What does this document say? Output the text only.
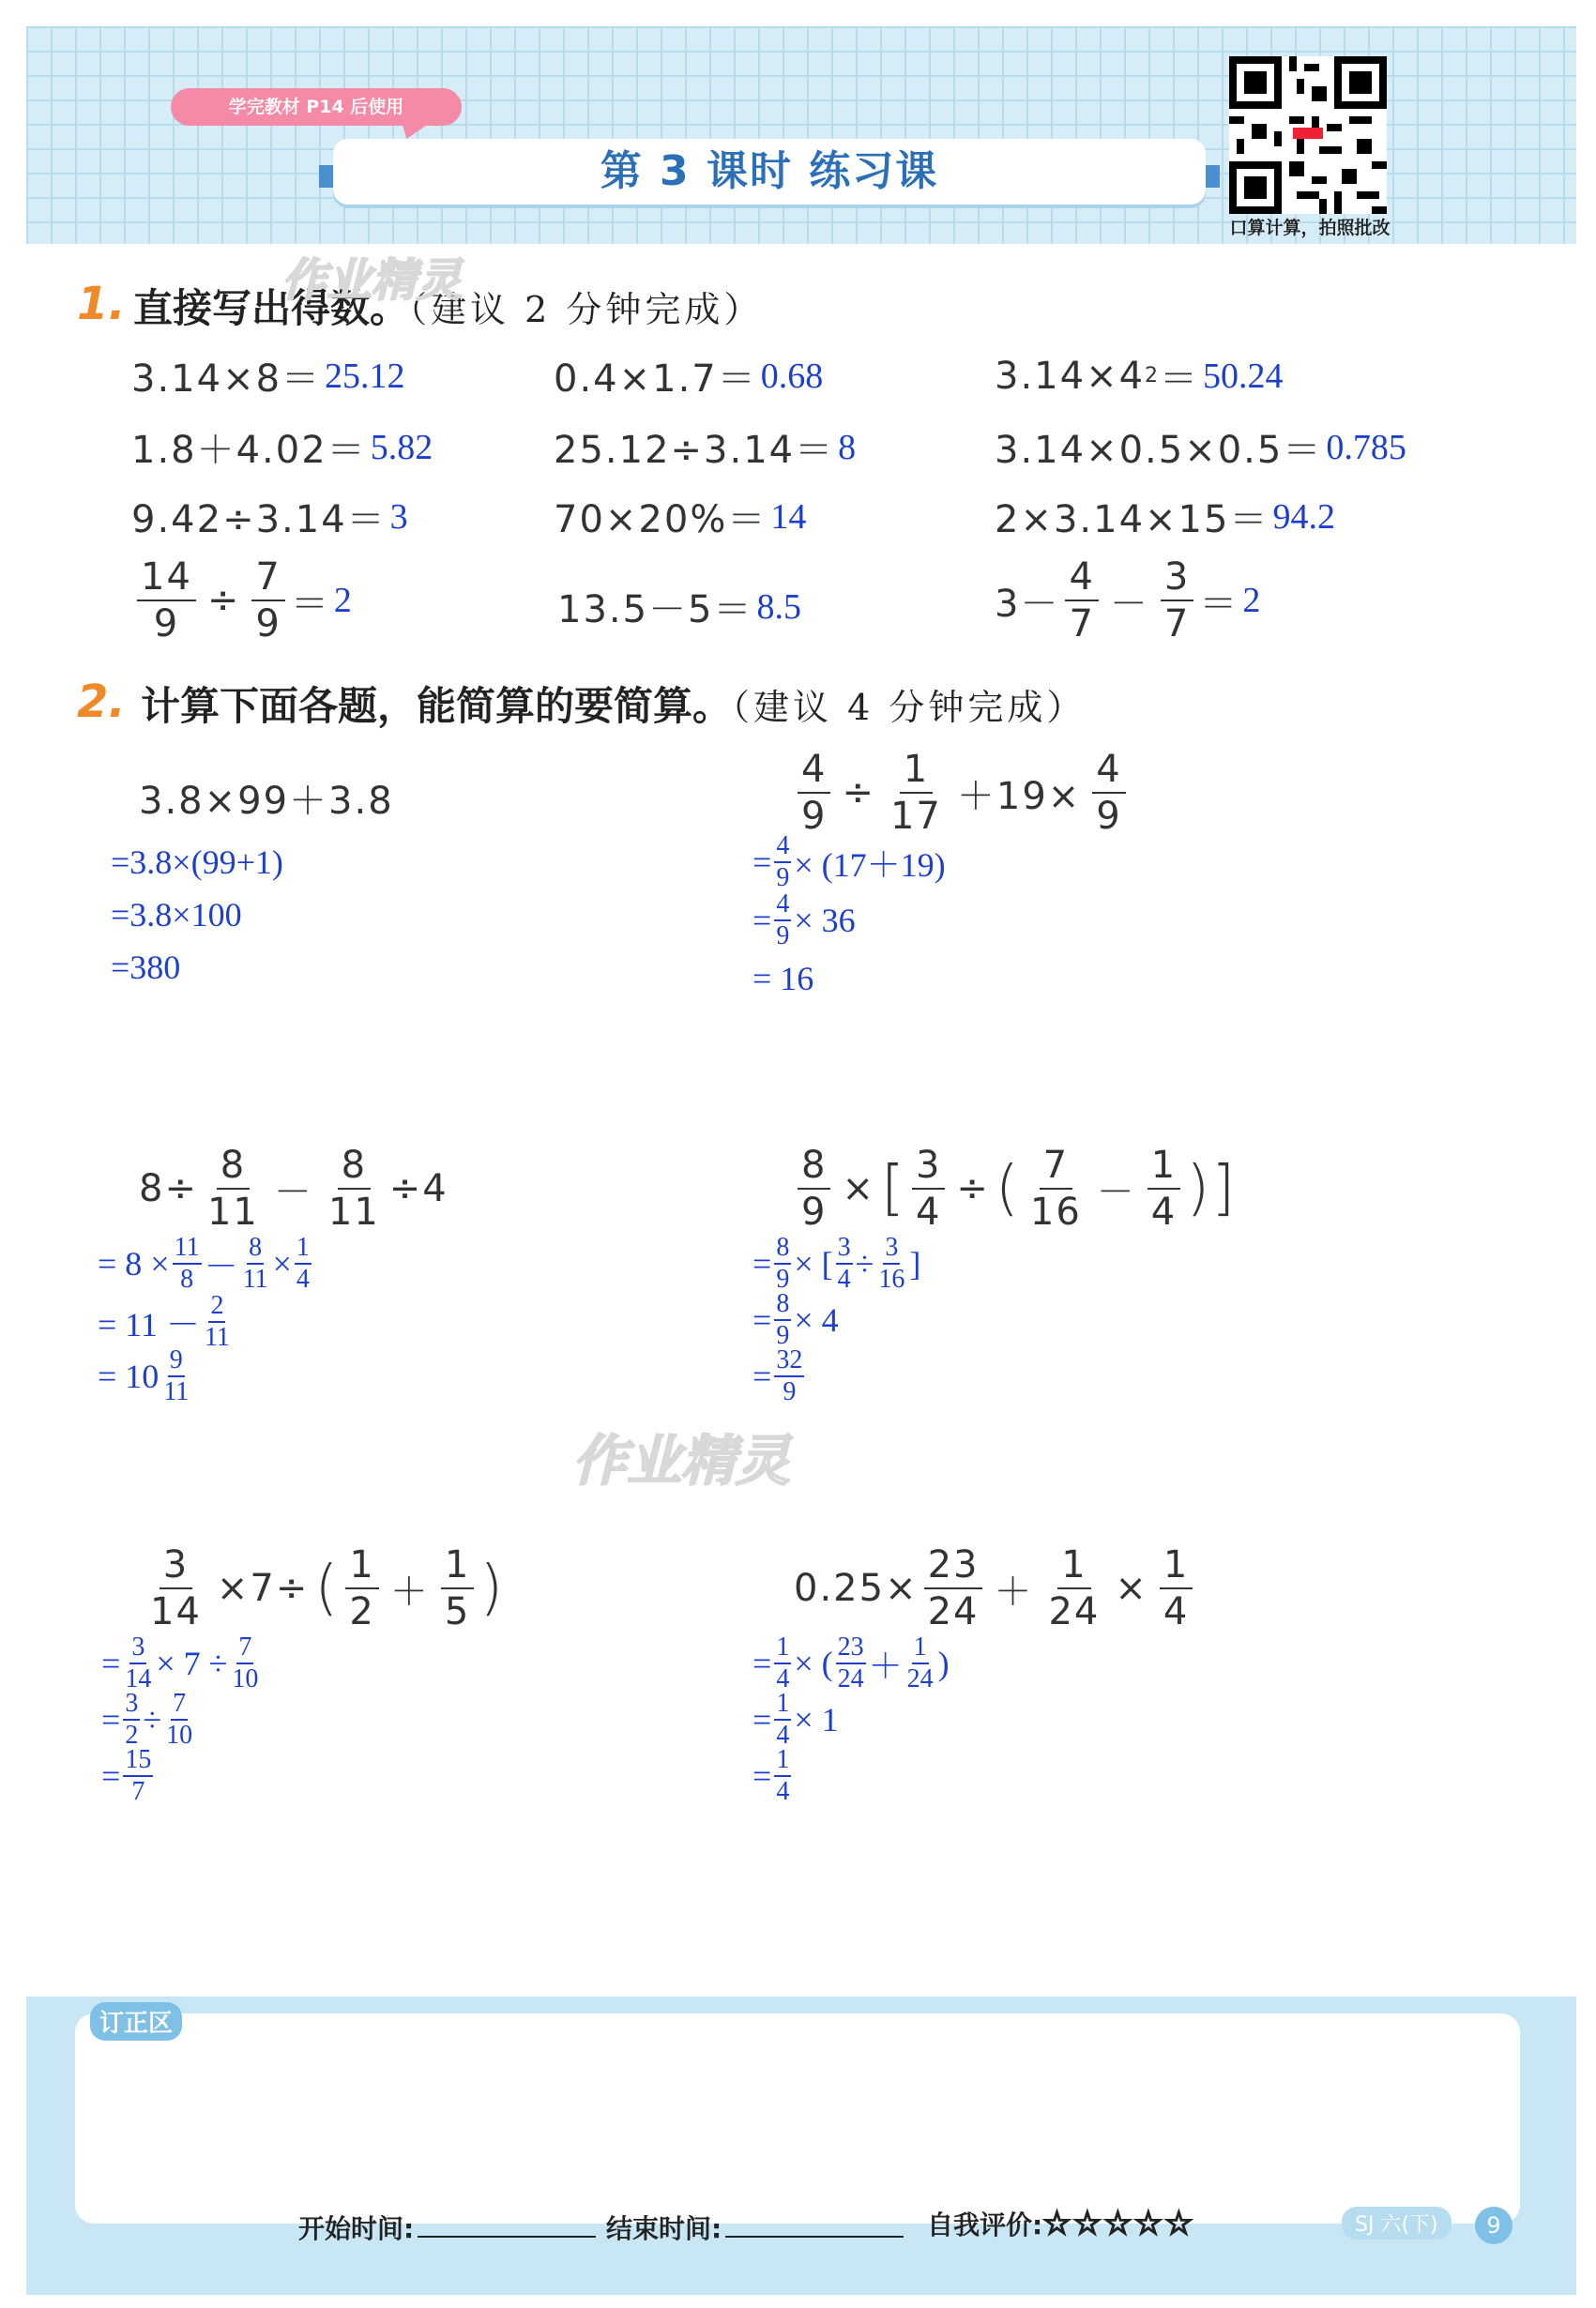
学完教材 P14 后使用
第 3 课时 练习课
口算计算，拍照批改
1. 直接写出得数。（建议 2 分钟完成）
作业精灵
3.14×8＝ 25.12	0.4×1.7＝ 0.68	3.14×4 2 ＝ 50.24
1.8＋4.02＝ 5.82	25.12÷3.14＝ 8	3.14×0.5×0.5＝ 0.785
9.42÷3.14＝ 3	70×20%＝ 14	2×3.14×15＝ 94.2
$\frac{14}{9} \div \frac{7}{9} = 2$	13.5－5＝ 8.5	$3- \frac{4}{7} - \frac{3}{7} = 2$
2. 计算下面各题，能简算的要简算。（建议 4 分钟完成）
3.8×99＋3.8
=3.8×(99+1)
=3.8×100
=380
$\frac{4}{9} \div \frac{1}{17} +19\times \frac{4}{9}$
= $\frac{4}{9} \times (17+19)$
= $\frac{4}{9} \times 36$
= 16
$8\div \frac{8}{11} - \frac{8}{11} \div 4$
= $8 \times \frac{11}{8} - \frac{8}{11} \times \frac{1}{4}$
= $11 - \frac{2}{11}$
= $10 \frac{9}{11}$
$\frac{8}{9}$ × [ $\frac{3}{4}$ ÷ ( $\frac{7}{16} - \frac{1}{4}$ ) ]
= $\frac{8}{9}$ × [ $\frac{3}{4} \div \frac{3}{16}$ ]
= $\frac{8}{9} \times 4$
= $\frac{32}{9}$
作业精灵
$\frac{3}{14} \times 7\div$ ( $\frac{1}{2} + \frac{1}{5}$ )
= $\frac{3}{14} \times 7 \div \frac{7}{10}$
= $\frac{3}{2} \div \frac{7}{10}$
= $\frac{15}{7}$
$0.25\times \frac{23}{24} + \frac{1}{24} \times \frac{1}{4}$
= $\frac{1}{4}$ × ( $\frac{23}{24} + \frac{1}{24}$ )
= $\frac{1}{4} \times 1$
= $\frac{1}{4}$
订正区
开始时间:	结束时间:	自我评价:☆☆☆☆☆	SJ 六(下)	9
